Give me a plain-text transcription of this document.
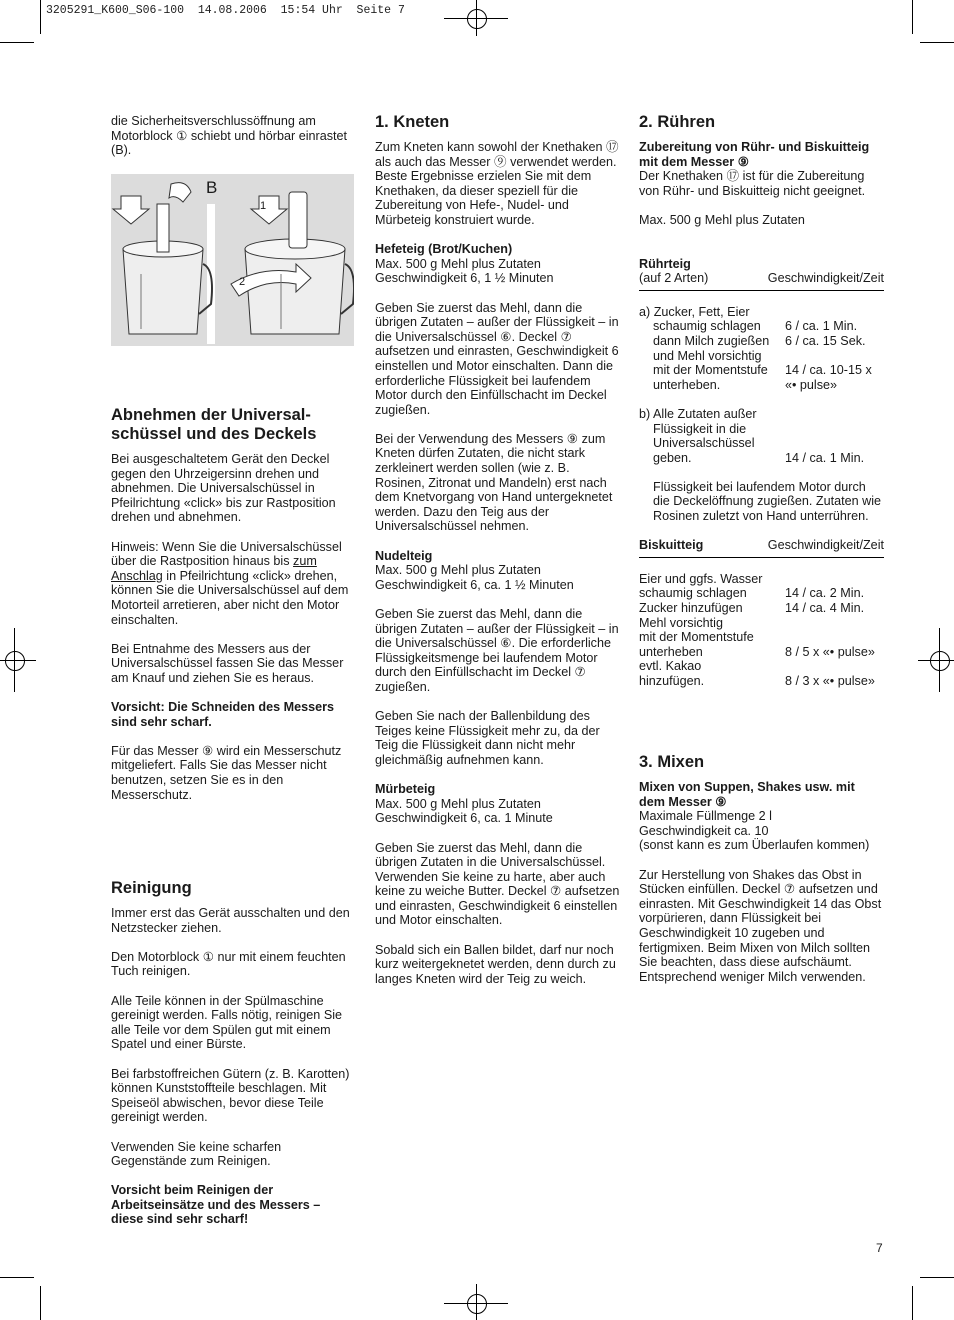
3205291_K600_S06-100  14.08.2006  15:54 Uhr  Seite 7

die Sicherheitsverschlussöffnung am Motorblock ① schiebt und hörbar einrastet (B).

B
1
2
Abnehmen der Universal-
schüssel und des Deckels

Bei ausgeschaltetem Gerät den Deckel gegen den Uhrzeigersinn drehen und abnehmen. Die Universalschüssel in Pfeilrichtung «click» bis zur Rastposition drehen und abnehmen.

Hinweis: Wenn Sie die Universalschüssel über die Rastposition hinaus bis zum Anschlag in Pfeilrichtung «click» drehen, können Sie die Universalschüssel auf dem Motorteil arretieren, aber nicht den Motor einschalten.

Bei Entnahme des Messers aus der Universalschüssel fassen Sie das Messer am Knauf und ziehen Sie es heraus.

Vorsicht: Die Schneiden des Messers sind sehr scharf.

Für das Messer ⑨ wird ein Messerschutz mitgeliefert. Falls Sie das Messer nicht benutzen, setzen Sie es in den Messerschutz.

Reinigung

Immer erst das Gerät ausschalten und den Netzstecker ziehen.

Den Motorblock ① nur mit einem feuchten Tuch reinigen.

Alle Teile können in der Spülmaschine gereinigt werden. Falls nötig, reinigen Sie alle Teile vor dem Spülen gut mit einem Spatel und einer Bürste.

Bei farbstoffreichen Gütern (z. B. Karotten) können Kunststoffteile beschlagen. Mit Speiseöl abwischen, bevor diese Teile gereinigt werden.

Verwenden Sie keine scharfen Gegenstände zum Reinigen.

Vorsicht beim Reinigen der Arbeitseinsätze und des Messers – diese sind sehr scharf!

1. Kneten

Zum Kneten kann sowohl der Knethaken ⑰ als auch das Messer ⑨ verwendet werden. Beste Ergebnisse erzielen Sie mit dem Knethaken, da dieser speziell für die Zubereitung von Hefe-, Nudel- und Mürbeteig konstruiert wurde.

Hefeteig (Brot/Kuchen)
Max. 500 g Mehl plus Zutaten

Geschwindigkeit 6, 1 ½ Minuten

Geben Sie zuerst das Mehl, dann die übrigen Zutaten – außer der Flüssigkeit – in die Universalschüssel ⑥. Deckel ⑦ aufsetzen und einrasten, Geschwindigkeit 6 einstellen und Motor einschalten. Dann die erforderliche Flüssigkeit bei laufendem Motor durch den Einfüllschacht im Deckel zugießen.

Bei der Verwendung des Messers ⑨ zum Kneten dürfen Zutaten, die nicht stark zerkleinert werden sollen (wie z. B. Rosinen, Zitronat und Mandeln) erst nach dem Knetvorgang von Hand untergeknetet werden. Dazu den Teig aus der Universalschüssel nehmen.

Nudelteig
Max. 500 g Mehl plus Zutaten

Geschwindigkeit 6, ca. 1 ½ Minuten

Geben Sie zuerst das Mehl, dann die übrigen Zutaten – außer der Flüssigkeit – in die Universalschüssel ⑥. Die erforderliche Flüssigkeitsmenge bei laufendem Motor durch den Einfüllschacht im Deckel ⑦ zugießen.

Geben Sie nach der Ballenbildung des Teiges keine Flüssigkeit mehr zu, da der Teig die Flüssigkeit dann nicht mehr gleichmäßig aufnehmen kann.

Mürbeteig
Max. 500 g Mehl plus Zutaten

Geschwindigkeit 6, ca. 1 Minute

Geben Sie zuerst das Mehl, dann die übrigen Zutaten in die Universalschüssel. Verwenden Sie keine zu harte, aber auch keine zu weiche Butter. Deckel ⑦ aufsetzen und einrasten, Geschwindigkeit 6 einstellen und Motor einschalten.

Sobald sich ein Ballen bildet, darf nur noch kurz weitergeknetet werden, denn durch zu langes Kneten wird der Teig zu weich.

2. Rühren
Zubereitung von Rühr- und Biskuitteig mit dem Messer ⑨

Der Knethaken ⑰ ist für die Zubereitung von Rühr- und Biskuitteig nicht geeignet.

Max. 500 g Mehl plus Zutaten

Rührteig
(auf 2 Arten)	Geschwindigkeit/Zeit
a) Zucker, Fett, Eier
schaumig schlagen	6 / ca. 1 Min.
dann Milch zugießen	6 / ca. 15 Sek.
und Mehl vorsichtig
mit der Momentstufe	14 / ca. 10-15 x
unterheben.	«• pulse»
b) Alle Zutaten außer
Flüssigkeit in die
Universalschüssel
geben.	14 / ca. 1 Min.

Flüssigkeit bei laufendem Motor durch die Deckelöffnung zugießen. Zutaten wie Rosinen zuletzt von Hand unterrühren.

Biskuitteig	Geschwindigkeit/Zeit
Eier und ggfs. Wasser
schaumig schlagen	14 / ca. 2 Min.
Zucker hinzufügen	14 / ca. 4 Min.
Mehl vorsichtig
mit der Momentstufe
unterheben	8 / 5 x «• pulse»
evtl. Kakao
hinzufügen.	8 / 3 x «• pulse»
3. Mixen
Mixen von Suppen, Shakes usw. mit dem Messer ⑨
Maximale Füllmenge 2 l
Geschwindigkeit ca. 10

(sonst kann es zum Überlaufen kommen)

Zur Herstellung von Shakes das Obst in Stücken einfüllen. Deckel ⑦ aufsetzen und einrasten. Mit Geschwindigkeit 14 das Obst vorpürieren, dann Flüssigkeit bei Geschwindigkeit 10 zugeben und fertigmixen. Beim Mixen von Milch sollten Sie beachten, dass diese aufschäumt. Entsprechend weniger Milch verwenden.

7
